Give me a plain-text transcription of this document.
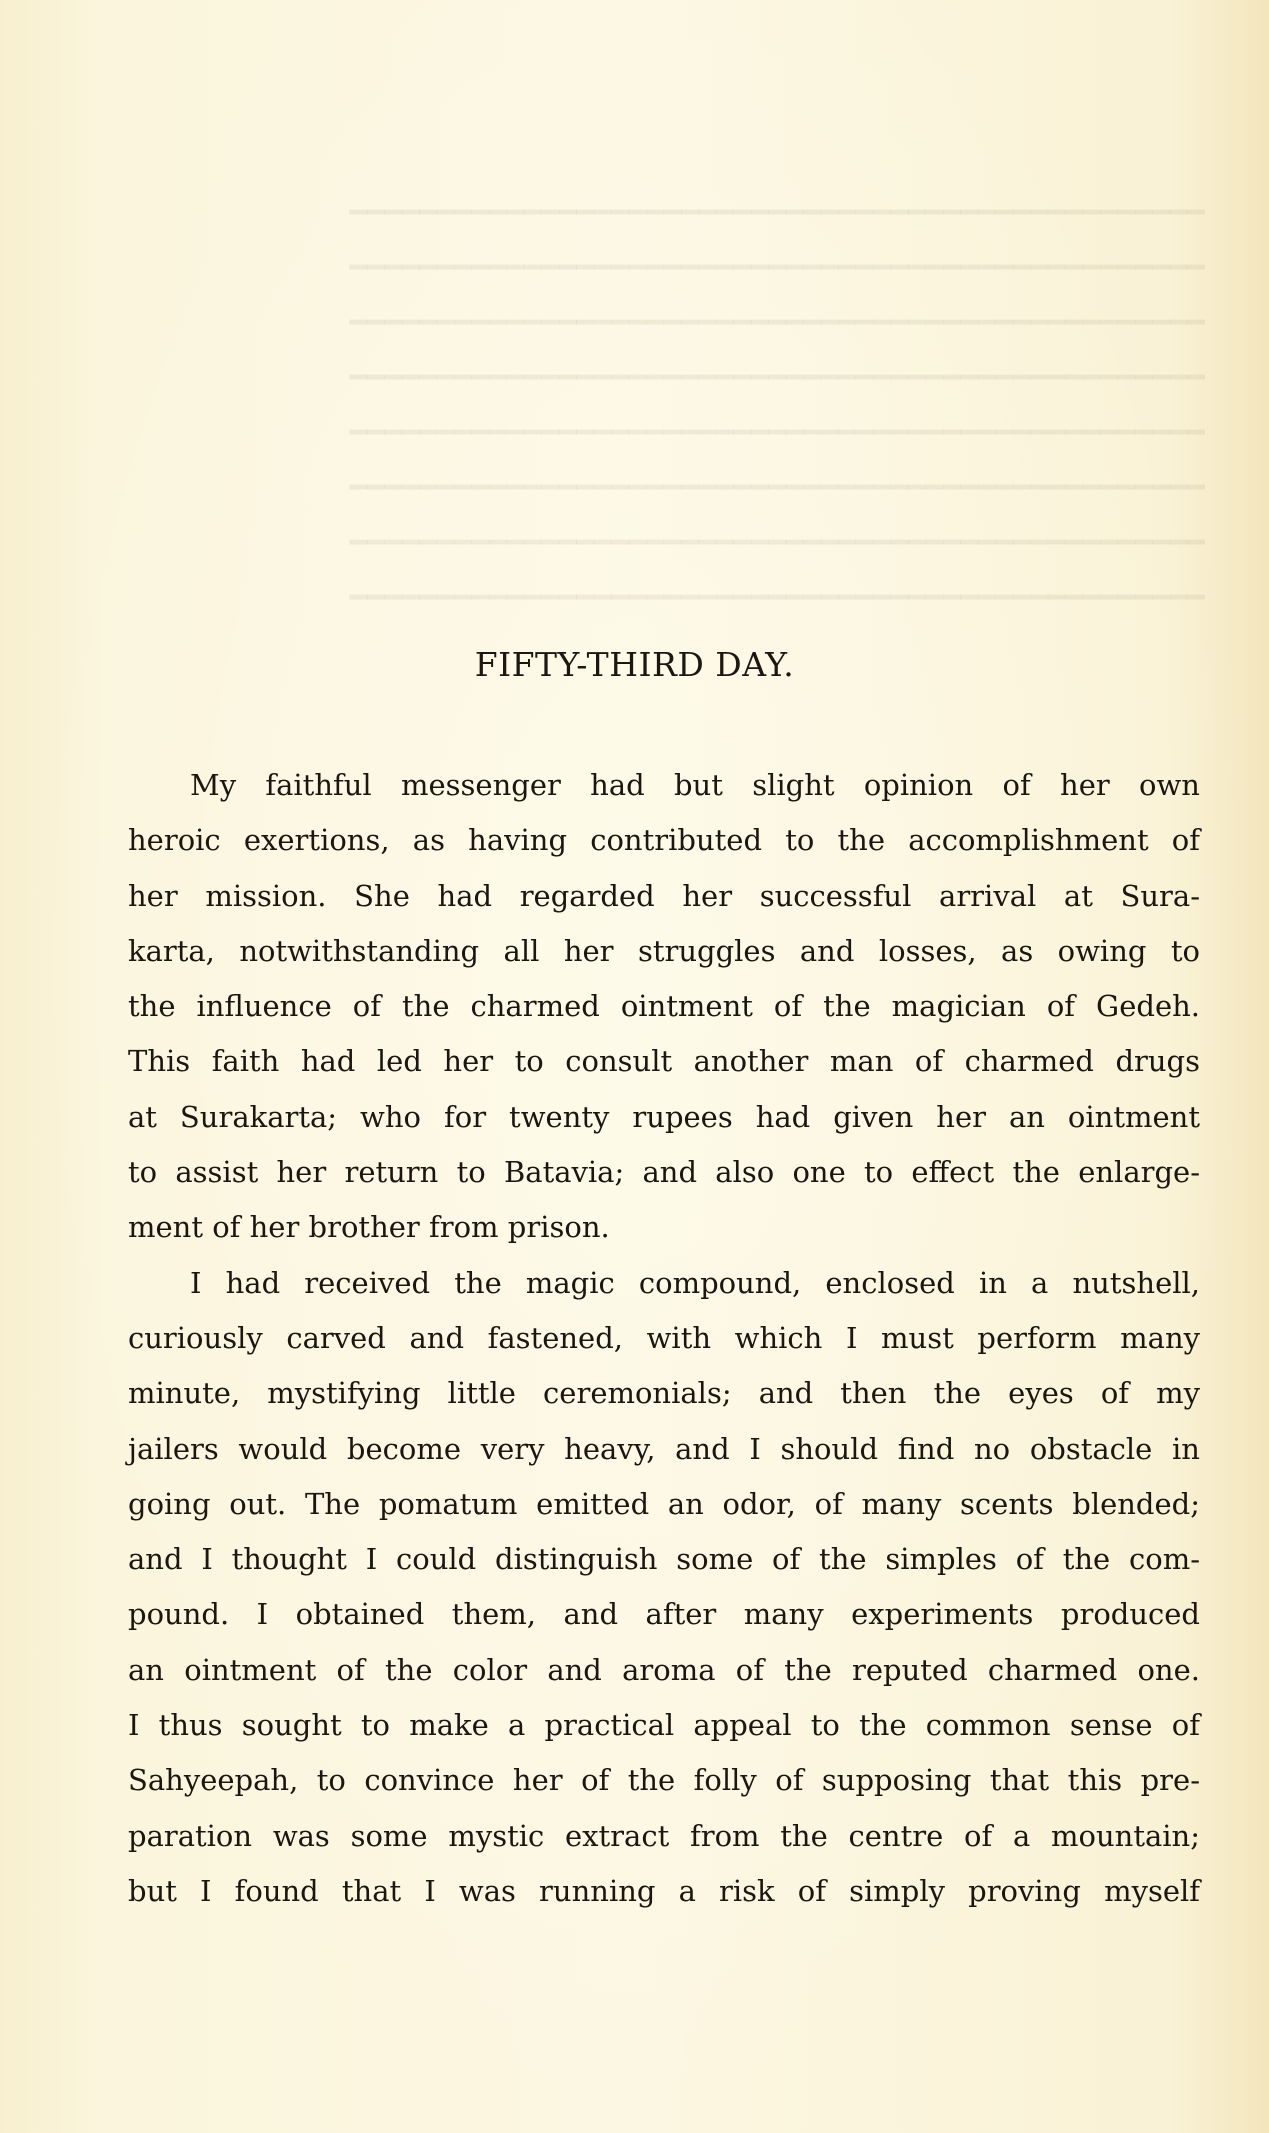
━━━━━━━━━━━━━━━━━━━━━━━━━━━━━━━━━━━━━━━━━━━━━━━━━
━━━━━━━━━━━━━━━━━━━━━━━━━━━━━━━━━━━━━━━━━━━━━━━━━
━━━━━━━━━━━━━━━━━━━━━━━━━━━━━━━━━━━━━━━━━━━━━━━━━
━━━━━━━━━━━━━━━━━━━━━━━━━━━━━━━━━━━━━━━━━━━━━━━━━
━━━━━━━━━━━━━━━━━━━━━━━━━━━━━━━━━━━━━━━━━━━━━━━━━
━━━━━━━━━━━━━━━━━━━━━━━━━━━━━━━━━━━━━━━━━━━━━━━━━
━━━━━━━━━━━━━━━━━━━━━━━━━━━━━━━━━━━━━━━━━━━━━━━━━
━━━━━━━━━━━━━━━━━━━━━━━━━━━━━━━━━━━━━━━━━━━━━━━━━
FIFTY-THIRD DAY.
My faithful messenger had but slight opinion of her own
heroic exertions, as having contributed to the accomplishment of
her mission. She had regarded her successful arrival at Sura-
karta, notwithstanding all her struggles and losses, as owing to
the influence of the charmed ointment of the magician of Gedeh.
This faith had led her to consult another man of charmed drugs
at Surakarta; who for twenty rupees had given her an ointment
to assist her return to Batavia; and also one to effect the enlarge-
ment of her brother from prison.
I had received the magic compound, enclosed in a nutshell,
curiously carved and fastened, with which I must perform many
minute, mystifying little ceremonials; and then the eyes of my
jailers would become very heavy, and I should find no obstacle in
going out. The pomatum emitted an odor, of many scents blended;
and I thought I could distinguish some of the simples of the com-
pound. I obtained them, and after many experiments produced
an ointment of the color and aroma of the reputed charmed one.
I thus sought to make a practical appeal to the common sense of
Sahyeepah, to convince her of the folly of supposing that this pre-
paration was some mystic extract from the centre of a mountain;
but I found that I was running a risk of simply proving myself
